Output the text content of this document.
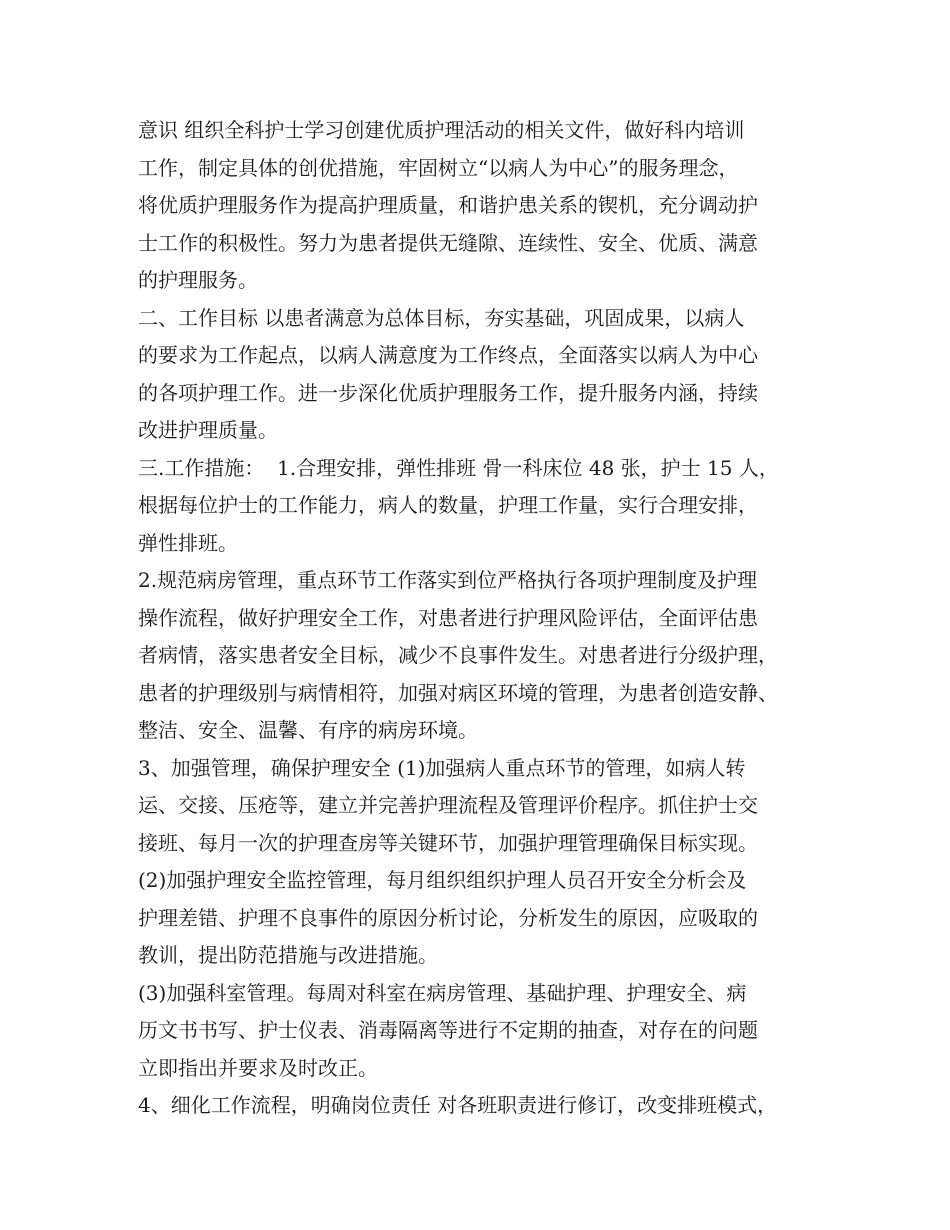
意识 组织全科护士学习创建优质护理活动的相关文件，做好科内培训
工作，制定具体的创优措施，牢固树立“以病人为中心”的服务理念，
将优质护理服务作为提高护理质量，和谐护患关系的锲机，充分调动护
士工作的积极性。努力为患者提供无缝隙、连续性、安全、优质、满意
的护理服务。
二、工作目标 以患者满意为总体目标，夯实基础，巩固成果，以病人
的要求为工作起点，以病人满意度为工作终点，全面落实以病人为中心
的各项护理工作。进一步深化优质护理服务工作，提升服务内涵，持续
改进护理质量。
三.工作措施：  1.合理安排，弹性排班 骨一科床位 48 张，护士 15 人，
根据每位护士的工作能力，病人的数量，护理工作量，实行合理安排，
弹性排班。
2.规范病房管理，重点环节工作落实到位严格执行各项护理制度及护理
操作流程，做好护理安全工作，对患者进行护理风险评估，全面评估患
者病情，落实患者安全目标，减少不良事件发生。对患者进行分级护理，
患者的护理级别与病情相符，加强对病区环境的管理，为患者创造安静、
整洁、安全、温馨、有序的病房环境。
3、加强管理，确保护理安全 (1)加强病人重点环节的管理，如病人转
运、交接、压疮等，建立并完善护理流程及管理评价程序。抓住护士交
接班、每月一次的护理查房等关键环节，加强护理管理确保目标实现。
(2)加强护理安全监控管理，每月组织组织护理人员召开安全分析会及
护理差错、护理不良事件的原因分析讨论，分析发生的原因，应吸取的
教训，提出防范措施与改进措施。
(3)加强科室管理。每周对科室在病房管理、基础护理、护理安全、病
历文书书写、护士仪表、消毒隔离等进行不定期的抽查，对存在的问题
立即指出并要求及时改正。
4、细化工作流程，明确岗位责任 对各班职责进行修订，改变排班模式，
